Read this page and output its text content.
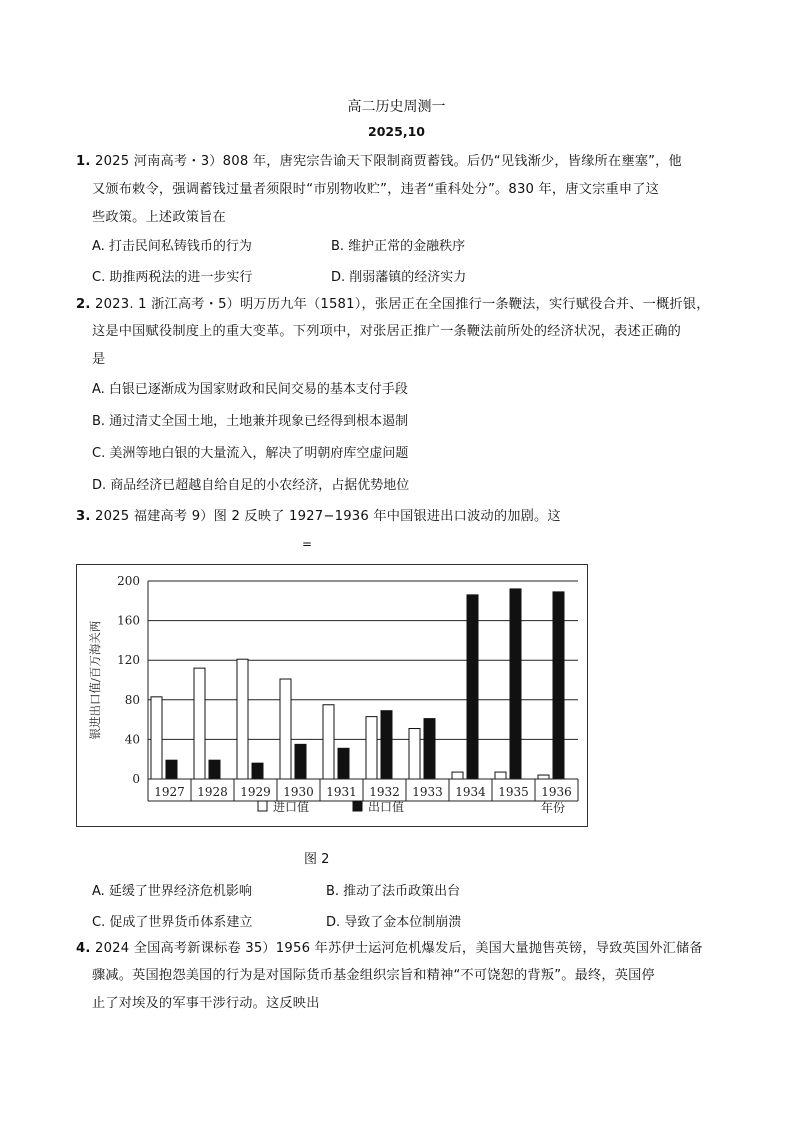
高二历史周测一
2025,10
1. 2025 河南高考・3）808 年，唐宪宗告谕天下限制商贾蓄钱。后仍“见钱渐少，皆缘所在壅塞”，他
又颁布敕令，强调蓄钱过量者须限时“市别物收贮”，违者“重科处分”。830 年，唐文宗重申了这
些政策。上述政策旨在
A. 打击民间私铸钱币的行为	B. 维护正常的金融秩序
C. 助推两税法的进一步实行	D. 削弱藩镇的经济实力
2. 2023. 1 浙江高考・5）明万历九年（1581），张居正在全国推行一条鞭法，实行赋役合并、一概折银，
这是中国赋役制度上的重大变革。下列项中，对张居正推广一条鞭法前所处的经济状况，表述正确的
是
A. 白银已逐渐成为国家财政和民间交易的基本支付手段
B. 通过清丈全国土地，土地兼并现象已经得到根本遏制
C. 美洲等地白银的大量流入，解决了明朝府库空虚问题
D. 商品经济已超越自给自足的小农经济，占据优势地位
3. 2025 福建高考 9）图 2 反映了 1927−1936 年中国银进出口波动的加剧。这
=
0
40
80
120
160
200
银进出口值/百万海关两
1927 1928 1929 1930 1931 1932 1933 1934 1935 1936
进口值	出口值	年份
图 2
A. 延缓了世界经济危机影响	B. 推动了法币政策出台
C. 促成了世界货币体系建立	D. 导致了金本位制崩溃
4. 2024 全国高考新课标卷 35）1956 年苏伊士运河危机爆发后，美国大量抛售英镑，导致英国外汇储备
骤减。英国抱怨美国的行为是对国际货币基金组织宗旨和精神“不可饶恕的背叛”。最终，英国停
止了对埃及的军事干涉行动。这反映出
